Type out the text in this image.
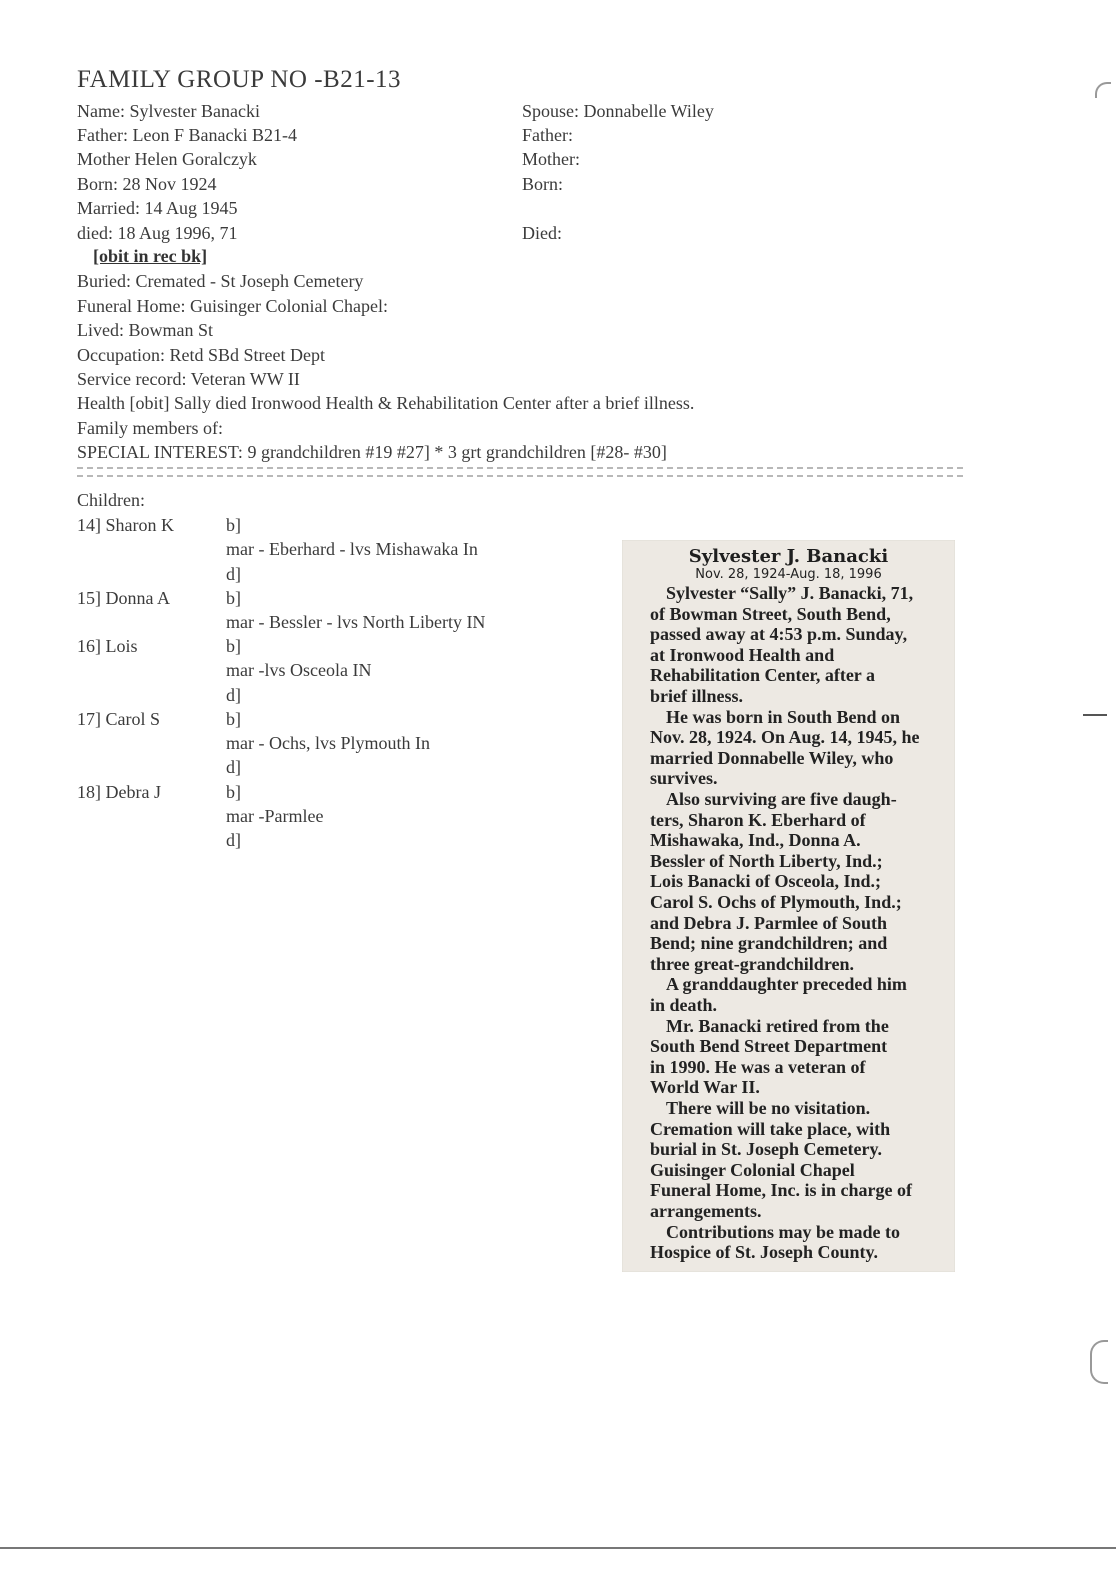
FAMILY GROUP NO -B21-13
Name: Sylvester Banacki
Father: Leon F Banacki B21-4
Mother Helen Goralczyk
Born: 28 Nov 1924
Married: 14 Aug 1945
died: 18 Aug 1996, 71
[obit in rec bk]
Spouse: Donnabelle Wiley
Father:
Mother:
Born:
Died:
Buried: Cremated - St Joseph Cemetery
Funeral Home: Guisinger Colonial Chapel:
Lived: Bowman St
Occupation: Retd SBd Street Dept
Service record: Veteran WW II
Health [obit] Sally died Ironwood Health & Rehabilitation Center after a brief illness.
Family members of:
SPECIAL INTEREST: 9 grandchildren #19 #27] * 3 grt grandchildren [#28- #30]
Children:
14] Sharon K	b]
mar - Eberhard - lvs Mishawaka In
d]
15] Donna A	b]
mar - Bessler - lvs North Liberty IN
16] Lois	b]
mar -lvs Osceola IN
d]
17] Carol S	b]
mar - Ochs, lvs Plymouth In
d]
18] Debra J	b]
mar -Parmlee
d]
Sylvester J. Banacki
Nov. 28, 1924-Aug. 18, 1996
Sylvester “Sally” J. Banacki, 71,
of Bowman Street, South Bend,
passed away at 4:53 p.m. Sunday,
at Ironwood Health and
Rehabilitation Center, after a
brief illness.
He was born in South Bend on
Nov. 28, 1924. On Aug. 14, 1945, he
married Donnabelle Wiley, who
survives.
Also surviving are five daugh-
ters, Sharon K. Eberhard of
Mishawaka, Ind., Donna A.
Bessler of North Liberty, Ind.;
Lois Banacki of Osceola, Ind.;
Carol S. Ochs of Plymouth, Ind.;
and Debra J. Parmlee of South
Bend; nine grandchildren; and
three great-grandchildren.
A granddaughter preceded him
in death.
Mr. Banacki retired from the
South Bend Street Department
in 1990. He was a veteran of
World War II.
There will be no visitation.
Cremation will take place, with
burial in St. Joseph Cemetery.
Guisinger Colonial Chapel
Funeral Home, Inc. is in charge of
arrangements.
Contributions may be made to
Hospice of St. Joseph County.
